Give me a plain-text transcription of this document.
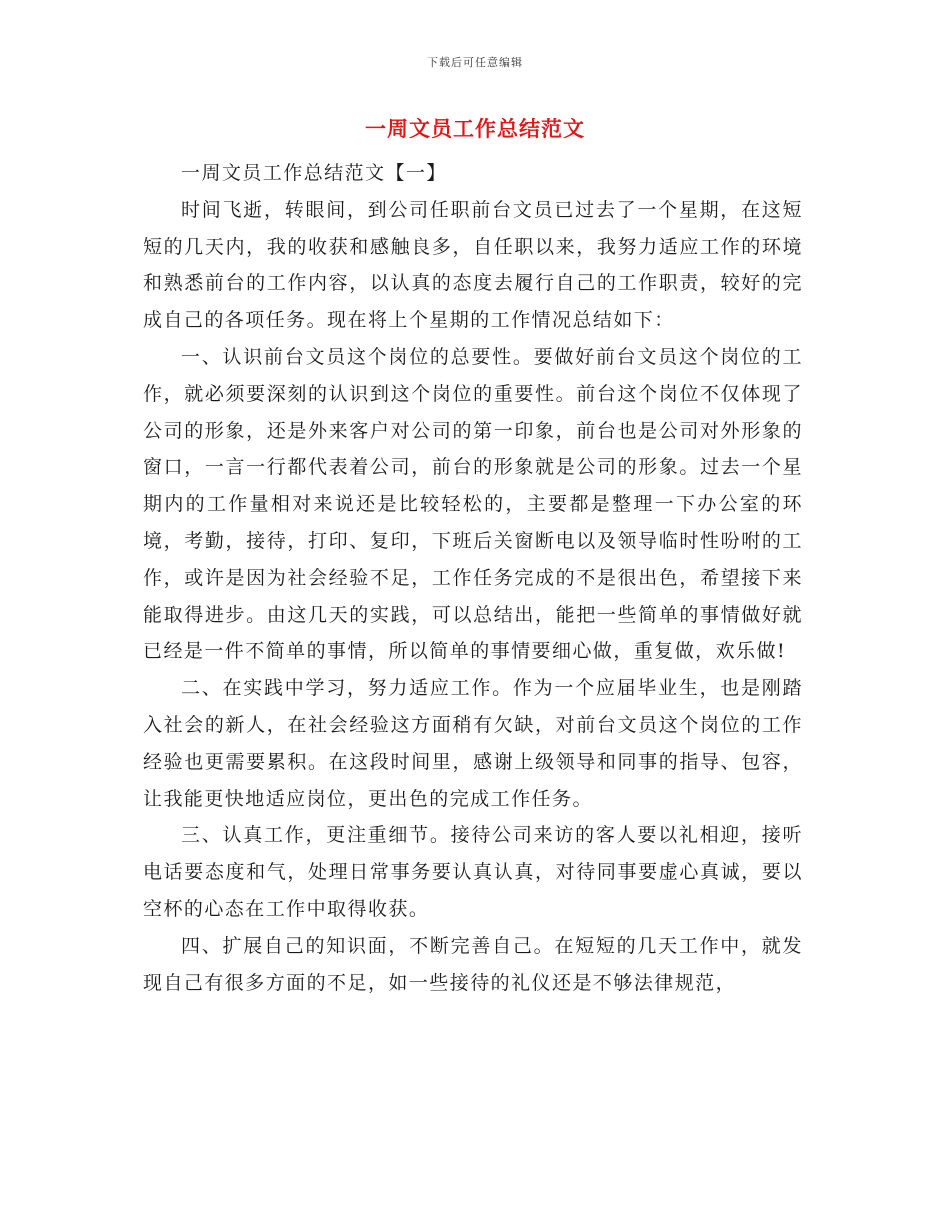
下载后可任意编辑
一周文员工作总结范文

一周文员工作总结范文【一】

时间飞逝，转眼间，到公司任职前台文员已过去了一个星期，在这短短的几天内，我的收获和感触良多，自任职以来，我努力适应工作的环境和熟悉前台的工作内容，以认真的态度去履行自己的工作职责，较好的完成自己的各项任务。现在将上个星期的工作情况总结如下：

一、认识前台文员这个岗位的总要性。要做好前台文员这个岗位的工作，就必须要深刻的认识到这个岗位的重要性。前台这个岗位不仅体现了公司的形象，还是外来客户对公司的第一印象，前台也是公司对外形象的窗口，一言一行都代表着公司，前台的形象就是公司的形象。过去一个星期内的工作量相对来说还是比较轻松的，主要都是整理一下办公室的环境，考勤，接待，打印、复印，下班后关窗断电以及领导临时性吩咐的工作，或许是因为社会经验不足，工作任务完成的不是很出色，希望接下来能取得进步。由这几天的实践，可以总结出，能把一些简单的事情做好就已经是一件不简单的事情，所以简单的事情要细心做，重复做，欢乐做!

二、在实践中学习，努力适应工作。作为一个应届毕业生，也是刚踏入社会的新人，在社会经验这方面稍有欠缺，对前台文员这个岗位的工作经验也更需要累积。在这段时间里，感谢上级领导和同事的指导、包容，让我能更快地适应岗位，更出色的完成工作任务。

三、认真工作，更注重细节。接待公司来访的客人要以礼相迎，接听电话要态度和气，处理日常事务要认真认真，对待同事要虚心真诚，要以空杯的心态在工作中取得收获。

四、扩展自己的知识面，不断完善自己。在短短的几天工作中，就发现自己有很多方面的不足，如一些接待的礼仪还是不够法律规范，
